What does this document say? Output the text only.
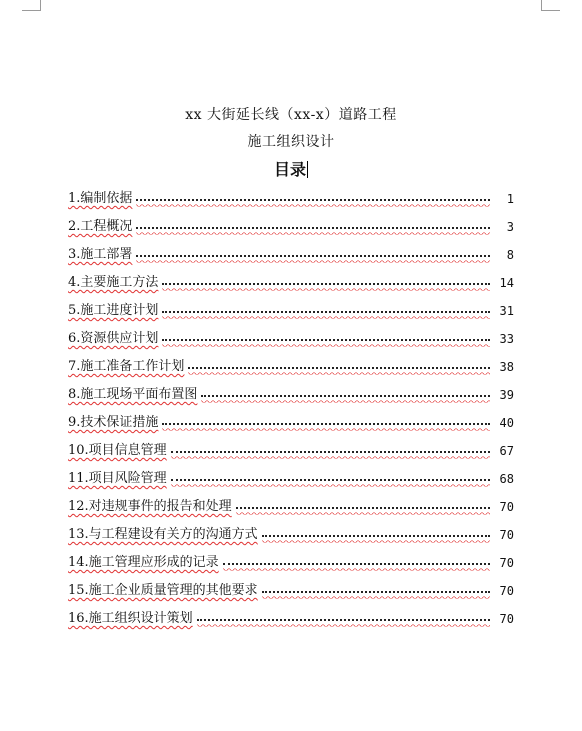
xx 大街延长线（xx-x）道路工程
施工组织设计
目录
1.编制依据	1
2.工程概况	3
3.施工部署	8
4.主要施工方法	14
5.施工进度计划	31
6.资源供应计划	33
7.施工准备工作计划	38
8.施工现场平面布置图	39
9.技术保证措施	40
10.项目信息管理	67
11.项目风险管理	68
12.对违规事件的报告和处理	70
13.与工程建设有关方的沟通方式	70
14.施工管理应形成的记录	70
15.施工企业质量管理的其他要求	70
16.施工组织设计策划	70
